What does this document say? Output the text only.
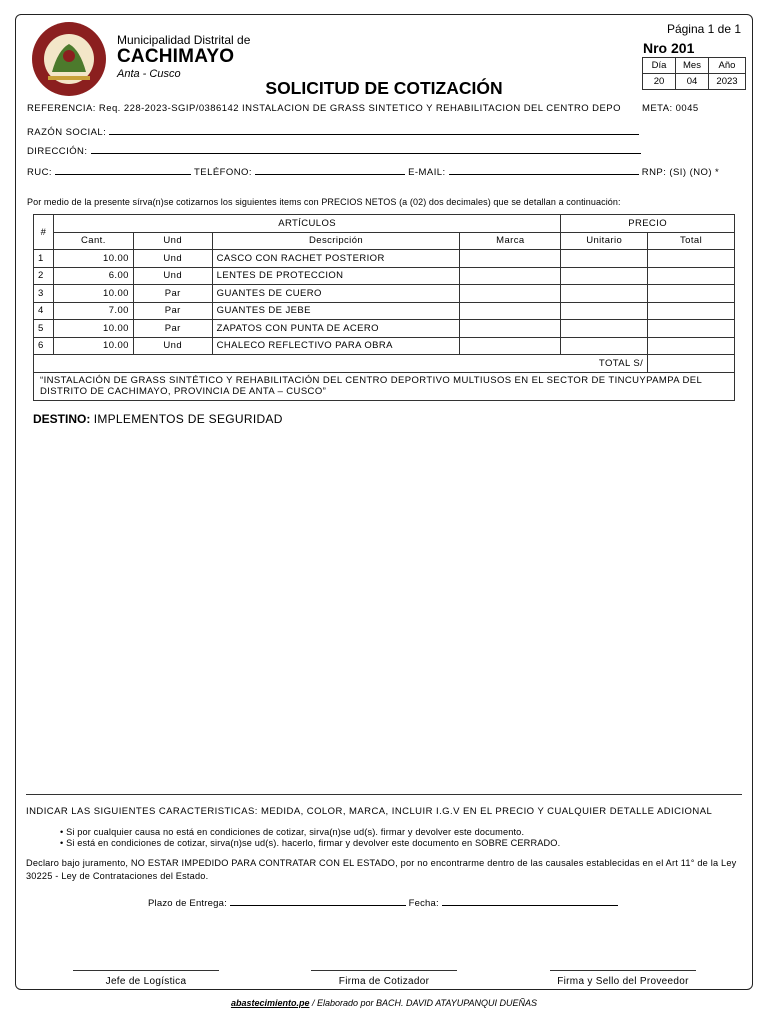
Municipalidad Distrital de
CACHIMAYO
Anta - Cusco
Página 1 de 1
Nro 201
Día	Mes	Año
20	04	2023
SOLICITUD DE COTIZACIÓN
REFERENCIA: Req. 228-2023-SGIP/0386142 INSTALACION DE GRASS SINTETICO Y REHABILITACION DEL CENTRO DEPO META: 0045
RAZÓN SOCIAL:
DIRECCIÓN:
RUC:	TELÉFONO:	E-MAIL:	RNP: (SI) (NO) *
Por medio de la presente sírva(n)se cotizarnos los siguientes items con PRECIOS NETOS (a (02) dos decimales) que se detallan a continuación:
#	ARTÍCULOS				PRECIO	
	Cant.	Und	Descripción	Marca	Unitario	Total
1	10.00	Und	CASCO CON RACHET POSTERIOR			
2	6.00	Und	LENTES DE PROTECCION			
3	10.00	Par	GUANTES DE CUERO			
4	7.00	Par	GUANTES DE JEBE			
5	10.00	Par	ZAPATOS CON PUNTA DE ACERO			
6	10.00	Und	CHALECO REFLECTIVO PARA OBRA			
TOTAL S/						
“INSTALACIÓN DE GRASS SINTÉTICO Y REHABILITACIÓN DEL CENTRO DEPORTIVO MULTIUSOS EN EL SECTOR DE TINCUYPAMPA DEL DISTRITO DE CACHIMAYO, PROVINCIA DE ANTA – CUSCO”						
DESTINO: IMPLEMENTOS DE SEGURIDAD
INDICAR LAS SIGUIENTES CARACTERISTICAS: MEDIDA, COLOR, MARCA, INCLUIR I.G.V EN EL PRECIO Y CUALQUIER DETALLE ADICIONAL
• Si por cualquier causa no está en condiciones de cotizar, sirva(n)se ud(s). firmar y devolver este documento.
• Si está en condiciones de cotizar, sirva(n)se ud(s). hacerlo, firmar y devolver este documento en SOBRE CERRADO.
Declaro bajo juramento, NO ESTAR IMPEDIDO PARA CONTRATAR CON EL ESTADO, por no encontrarme dentro de las causales establecidas en el Art 11° de la Ley 30225 - Ley de Contrataciones del Estado.
Plazo de Entrega:	Fecha:
Jefe de Logística	Firma de Cotizador	Firma y Sello del Proveedor
abastecimiento.pe / Elaborado por BACH. DAVID ATAYUPANQUI DUEÑAS
